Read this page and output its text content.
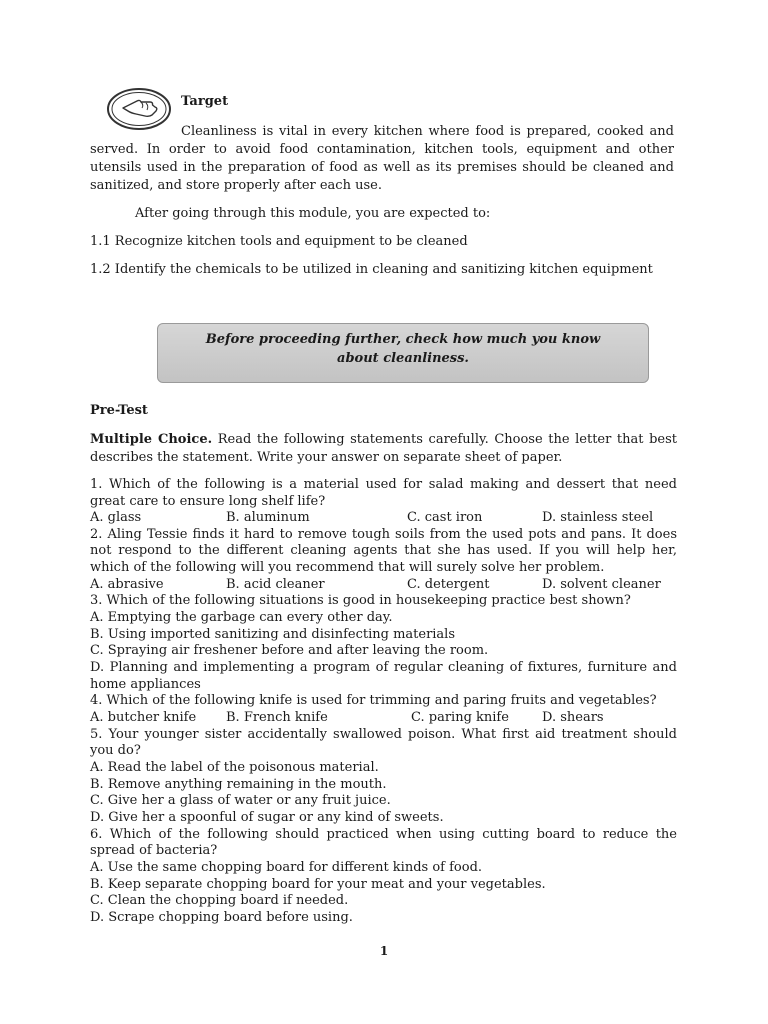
Target
Cleanliness is vital in every kitchen where food is prepared, cooked and served. In order to avoid food contamination, kitchen tools, equipment and other utensils used in the preparation of food as well as its premises should be cleaned and sanitized, and store properly after each use.
After going through this module, you are expected to:
1.1 Recognize kitchen tools and equipment to be cleaned
1.2 Identify the chemicals to be utilized in cleaning and sanitizing kitchen equipment
Before proceeding further, check how much you know
about cleanliness.
Pre-Test
Multiple Choice. Read the following statements carefully. Choose the letter that best describes the statement. Write your answer on separate sheet of paper.
1. Which of the following is a material used for salad making and dessert that need great care to ensure long shelf life?
A. glass	B. aluminum	C. cast iron	D. stainless steel
2. Aling Tessie finds it hard to remove tough soils from the used pots and pans. It does not respond to the different cleaning agents that she has used. If you will help her, which of the following will you recommend that will surely solve her problem.
A. abrasive	B. acid cleaner	C. detergent	D. solvent cleaner
3. Which of the following situations is good in housekeeping practice best shown?
A. Emptying the garbage can every other day.
B. Using imported sanitizing and disinfecting materials
C. Spraying air freshener before and after leaving the room.
D. Planning and implementing a program of regular cleaning of fixtures, furniture and home appliances
4. Which of the following knife is used for trimming and paring fruits and vegetables?
A. butcher knife B. French knife	C. paring knife	D. shears
5. Your younger sister accidentally swallowed poison. What first aid treatment should you do?
A. Read the label of the poisonous material.
B. Remove anything remaining in the mouth.
C. Give her a glass of water or any fruit juice.
D. Give her a spoonful of sugar or any kind of sweets.
6. Which of the following should practiced when using cutting board to reduce the spread of bacteria?
A. Use the same chopping board for different kinds of food.
B. Keep separate chopping board for your meat and your vegetables.
C. Clean the chopping board if needed.
D. Scrape chopping board before using.
1
